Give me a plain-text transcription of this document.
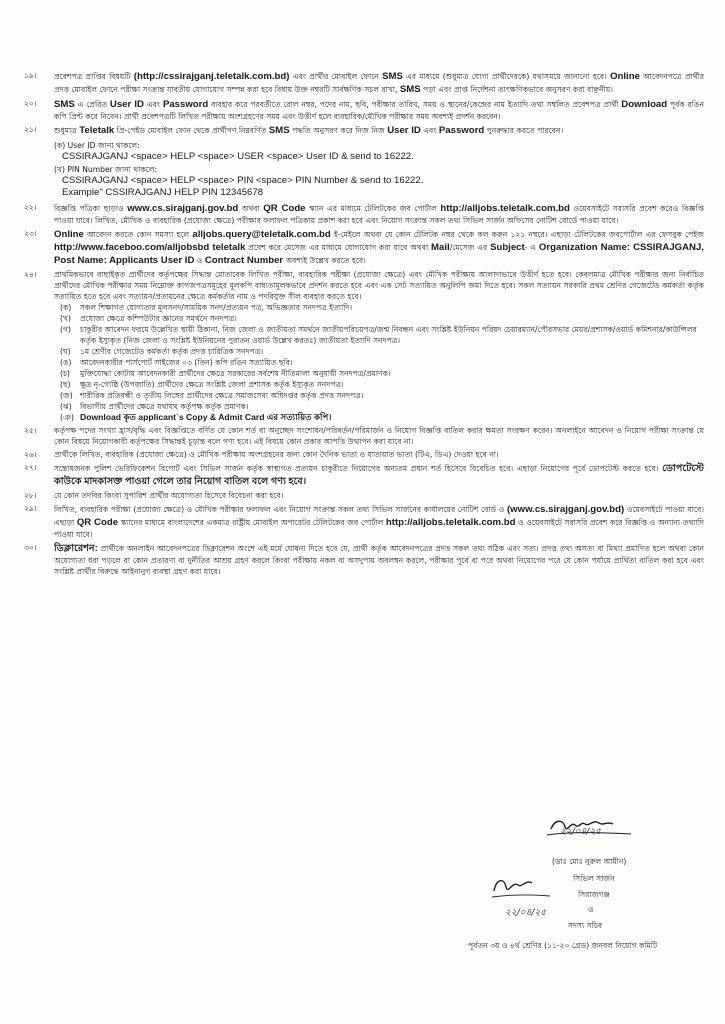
১৯।	প্রবেশপত্র প্রাপ্তির বিষয়টি (http://cssirajganj.teletalk.com.bd) এবং প্রার্থীর মোবাইল ফোনে SMS এর মাধ্যমে (শুধুমাত্র যোগ্য প্রার্থীদেরকে) যথাসময়ে জানানো হবে। Online আবেদনপত্রে প্রার্থীর প্রদত্ত মোবাইল ফোনে পরীক্ষা সংক্রান্ত যাবতীয় যোগাযোগ সম্পন্ন করা হবে বিধায় উক্ত নম্বরটি সার্বক্ষণিক সচল রাখা, SMS পড়া এবং প্রাপ্ত নির্দেশনা তাৎক্ষণিকভাবে অনুসরণ করা বাঞ্ছনীয়।
২০।	SMS এ প্রেরিত User ID এবং Password ব্যবহার করে পরবর্তীতে রোল নম্বর, পদের নাম, ছবি, পরীক্ষার তারিখ, সময় ও স্থানের/কেন্দ্রের নাম ইত্যাদি তথ্য সম্বলিত প্রবেশপত্র প্রার্থী Download পূর্বক রঙিন কপি প্রিন্ট করে নিবেন। প্রার্থী প্রবেশপত্রটি লিখিত পরীক্ষায় অংশগ্রহণের সময় এবং উত্তীর্ণ হলে ব্যবহারিক/মৌখিক পরীক্ষার সময় অবশ্যই প্রদর্শন করবেন।
২১।	শুধুমাত্র Teletalk প্রি-পেইড মোবাইল ফোন থেকে প্রার্থীগণ নিম্নবর্ণিত SMS পদ্ধতি অনুসরণ করে নিজ নিজ User ID এবং Password পুনরুদ্ধার করতে পারবেন।
(ক) User ID জানা থাকলে:
CSSIRAJGANJ <space> HELP <space> USER <space> User ID & send to 16222.
(খ) PIN Number জানা থাকলে:
CSSIRAJGANJ <space> HELP <space> PIN <space> PIN Number & send to 16222.
Example" CSSIRAJGANJ HELP PIN 12345678
২২।	বিজ্ঞপ্তি পত্রিকা ছাড়াও www.cs.sirajganj.gov.bd অথবা QR Code স্ক্যান এর মাধ্যমে টেলিটকের জব পোর্টাল http://alljobs.teletalk.com.bd ওয়েবসাইটে সরাসরি প্রবেশ করেও বিজ্ঞপ্তি পাওয়া যাবে। লিখিত, মৌখিক ও ব্যবহারিক (প্রযোজ্য ক্ষেত্রে) পরীক্ষার ফলাফল পত্রিকায় প্রকাশ করা হবে এবং নিয়োগ সংক্রান্ত সকল তথ্য সিভিল সার্জন অফিসের নোটিশ বোর্ডে পাওয়া যাবে।
২৩।	Online আবেদন করতে কোন সমস্যা হলে alljobs.query@teletalk.com.bd ই-মেইলে অথবা যে কোন টেলিটক নম্বর থেকে কল করুন ১২১ নম্বরে। এছাড়া টেলিটকের জবপোর্টাল এর ফেসবুক পেইজ http://www.faceboo.com/alljobsbd teletalk প্রবেশ করে মেসেজ এর মাধ্যমে যোগাযোগ করা যাবে অথবা Mail/মেসেজ এর Subject- এ Organization Name: CSSIRAJGANJ, Post Name: Applicants User ID ও Contract Number অবশ্যই উল্লেখ করতে হবে।
২৪।	প্রাথমিকভাবে বাছাইকৃত প্রার্থীদের কর্তৃপক্ষের সিদ্ধান্ত মোতাবেক লিখিত পরীক্ষা, ব্যবহারিক পরীক্ষা (প্রযোজ্য ক্ষেত্রে) এবং মৌখিক পরীক্ষায় আলাদাভাবে উত্তীর্ণ হতে হবে। কেবলমাত্র মৌখিক পরীক্ষার জন্য নির্বাচিত প্রার্থীদের মৌখিক পরীক্ষার সময় নিম্নোক্ত কাগজপত্রসমূহের মূলকপি বাধ্যতামূলকভাবে প্রদর্শন করতে হবে এবং এক সেট সত্যায়িত অনুলিপি জমা দিতে হবে। সকল সত্যায়ন সরকারি প্রথম শ্রেণির গেজেটেড কর্মকর্তা কর্তৃক সত্যায়িত হতে হবে এবং সত্যায়ন/প্রত্যয়নের ক্ষেত্রে কর্মকর্তার নাম ও পদবিযুক্ত সীল ব্যবহার করতে হবে।
(ক)	সকল শিক্ষাগত যোগ্যতার মূলসনদ/সাময়িক সনদ/প্রত্যয়ন পত্র, অভিজ্ঞতার সনদপত্র ইত্যাদি।
(খ)	প্রযোজ্য ক্ষেত্রে কম্পিউটার জ্ঞানের সমর্থনে সনদপত্র।
(গ)	চাকুরীর আবেদন ফরমে উল্লেখিত স্থায়ী ঠিকানা, নিজ জেলা ও জাতীয়তা সমর্থনে জাতীয়পরিচয়পত্র/জন্ম নিবন্ধন এবং সংশ্লিষ্ট ইউনিয়ন পরিষদ চেয়ারম্যান/পৌরসভার মেয়র/প্রশাসক/ওয়ার্ড কমিশনার/কাউন্সিলর কর্তৃক ইস্যুকৃত (নিজ জেলা ও সংশ্লিষ্ট ইউনিয়নের পুরাতন ওয়ার্ড উল্লেখ করতঃ) জাতীয়তা ইত্যাদি সনদপত্র।
(ঘ)	১ম শ্রেণীর গেজেটেড কর্মকর্তা কর্তৃক প্রদত্ত চারিত্রিক সনদপত্র।
(ঙ)	আবেদনকারীর পার্সপোর্ট সাইজের ০৩ (তিন) কপি রঙিন সত্যায়িত ছবি।
(চ)	মুক্তিযোদ্ধা কোটায় আবেদনকারী প্রার্থীদের ক্ষেত্রে সরকারের সর্বশেষ নীতিমালা অনুযায়ী সনদপত্র/প্রমাণক।
(ছ)	ক্ষুদ্র নৃ-গোষ্ঠি (উপজাতি) প্রার্থীদের ক্ষেত্রে সংশ্লিষ্ট জেলা প্রশাসক কর্তৃক ইস্যুকৃত সনদপত্র।
(জ) শারীরিক প্রতিবন্ধী ও তৃতীয় লিঙ্গের প্রার্থীদের ক্ষেত্রে সমাজসেবা অধিদপ্তর কর্তৃক প্রদত্ত সনদপত্র।
(ঝ)	বিভাগীয় প্রার্থীদের ক্ষেত্রে যথাযথ কর্তৃপক্ষ কর্তৃক প্রমাণক।
(ঞ) Download কৃত applicant`s Copy & Admit Card এর সত্যায়িত কপি।
২৫।	কর্তৃপক্ষ পদের সংখ্যা হ্রাস/বৃদ্ধি এবং বিজ্ঞপ্তিতে বর্ণিত যে কোন শর্ত বা অনুচ্ছেদ সংশোধন/পরিবর্তন/পরিমার্জন ও নিয়োগ বিজ্ঞপ্তি বাতিল করার ক্ষমতা সংরক্ষণ করেন। অনলাইনে আবেদন ও নিয়োগ পরীক্ষা সংক্রান্ত যে কোন বিষয়ে নিয়োগকারী কর্তৃপক্ষের সিদ্ধান্তই চূড়ান্ত বলে গণ্য হবে। এই বিষয়ে কোন প্রকার আপত্তি উত্থাপন করা যাবে না।
২৬।	প্রার্থীকে লিখিত, ব্যবহারিক (প্রযোজ্য ক্ষেত্রে) ও মৌখিক পরীক্ষায় অংশগ্রহনের জন্য কোন দৈনিক ভাতা ও যাতায়াত ভাতা (টিএ, ডিএ) দেওয়া হবে না।
২৭।	সন্তোষজনক পুলিশ ভেরিফিকেশন রিপোর্ট এবং সিভিল সার্জন কর্তৃক স্বাস্থ্যগত প্রত্যয়ন চাকুরীতে নিয়োগের অন্যতম প্রধান শর্ত হিসেবে বিবেচিত হবে। এছাড়া নিয়োগের পূর্বে ডোপটেস্ট করতে হবে। ডোপটেস্টে কাউকে মাদকাসক্ত পাওয়া গেলে তার নিয়োগ বাতিল বলে গণ্য হবে।
২৮।	যে কোন তদবির কিংবা সুপারিশ প্রার্থীর অযোগ্যতা হিসেবে বিবেচনা করা হবে।
২৯।	লিখিত, ব্যবহারিক পরীক্ষা (প্রযোজ্য ক্ষেত্রে) ও মৌখিক পরীক্ষার ফলাফল এবং নিয়োগ সংক্রান্ত সকল তথ্য সিভিল সার্জনের কার্যালয়ের নোটিশ বোর্ড ও (www.cs.sirajganj.gov.bd) ওয়েবসাইটে পাওয়া যাবে। এছাড়া QR Code স্ক্যানের মাধ্যমে বাংলাদেশের একমাত্র রাষ্ট্রীয় মোবাইল অপারেটর টেলিটকের জব পোর্টাল http://alljobs.teletalk.com.bd ও ওয়েবসাইটে সরাসরি প্রবেশ করে বিজ্ঞপ্তি ও অন্যান্য তথ্যাদি পাওয়া যাবে।
৩০।	ডিক্লারেশন: প্রার্থীকে অনলাইন আবেদনপত্রের ডিক্লারেশন অংশে এই মর্মে ঘোষনা দিতে হবে যে, প্রার্থী কর্তৃক আবেদনপত্রের প্রদত্ত সকল তথ্য সঠিক এবং সত্য। প্রদত্ত তথ্য অসত্য বা মিথ্যা প্রমাণিত হলে অথবা কোন অযোগ্যতা ধরা পড়লে বা কোন প্রতারণা বা দুর্নীতির আশ্রয় গ্রহণ করলে কিংবা পরীক্ষায় নকল বা অসদুপায় অবলম্বন করলে, পরীক্ষার পূর্বে বা পরে অথবা নিয়োগের পরে যে কোন পর্যায়ে প্রার্থিতা বাতিল করা হবে এবং সংশ্লিষ্ট প্রার্থীর বিরুদ্ধে আইনানুগ ব্যবস্থা গ্রহণ করা যাবে।
২২/০৪/২৫
(ডাঃ মোঃ নুরুল আমীন)
সিভিল সার্জন
সিরাজগঞ্জ
২২/০৪/২৫	ও
সদস্য সচিব
পূর্বতন ৩য় ও ৪র্থ শ্রেণির (১১-২০ গ্রেড) জনবল নিয়োগ কমিটি
